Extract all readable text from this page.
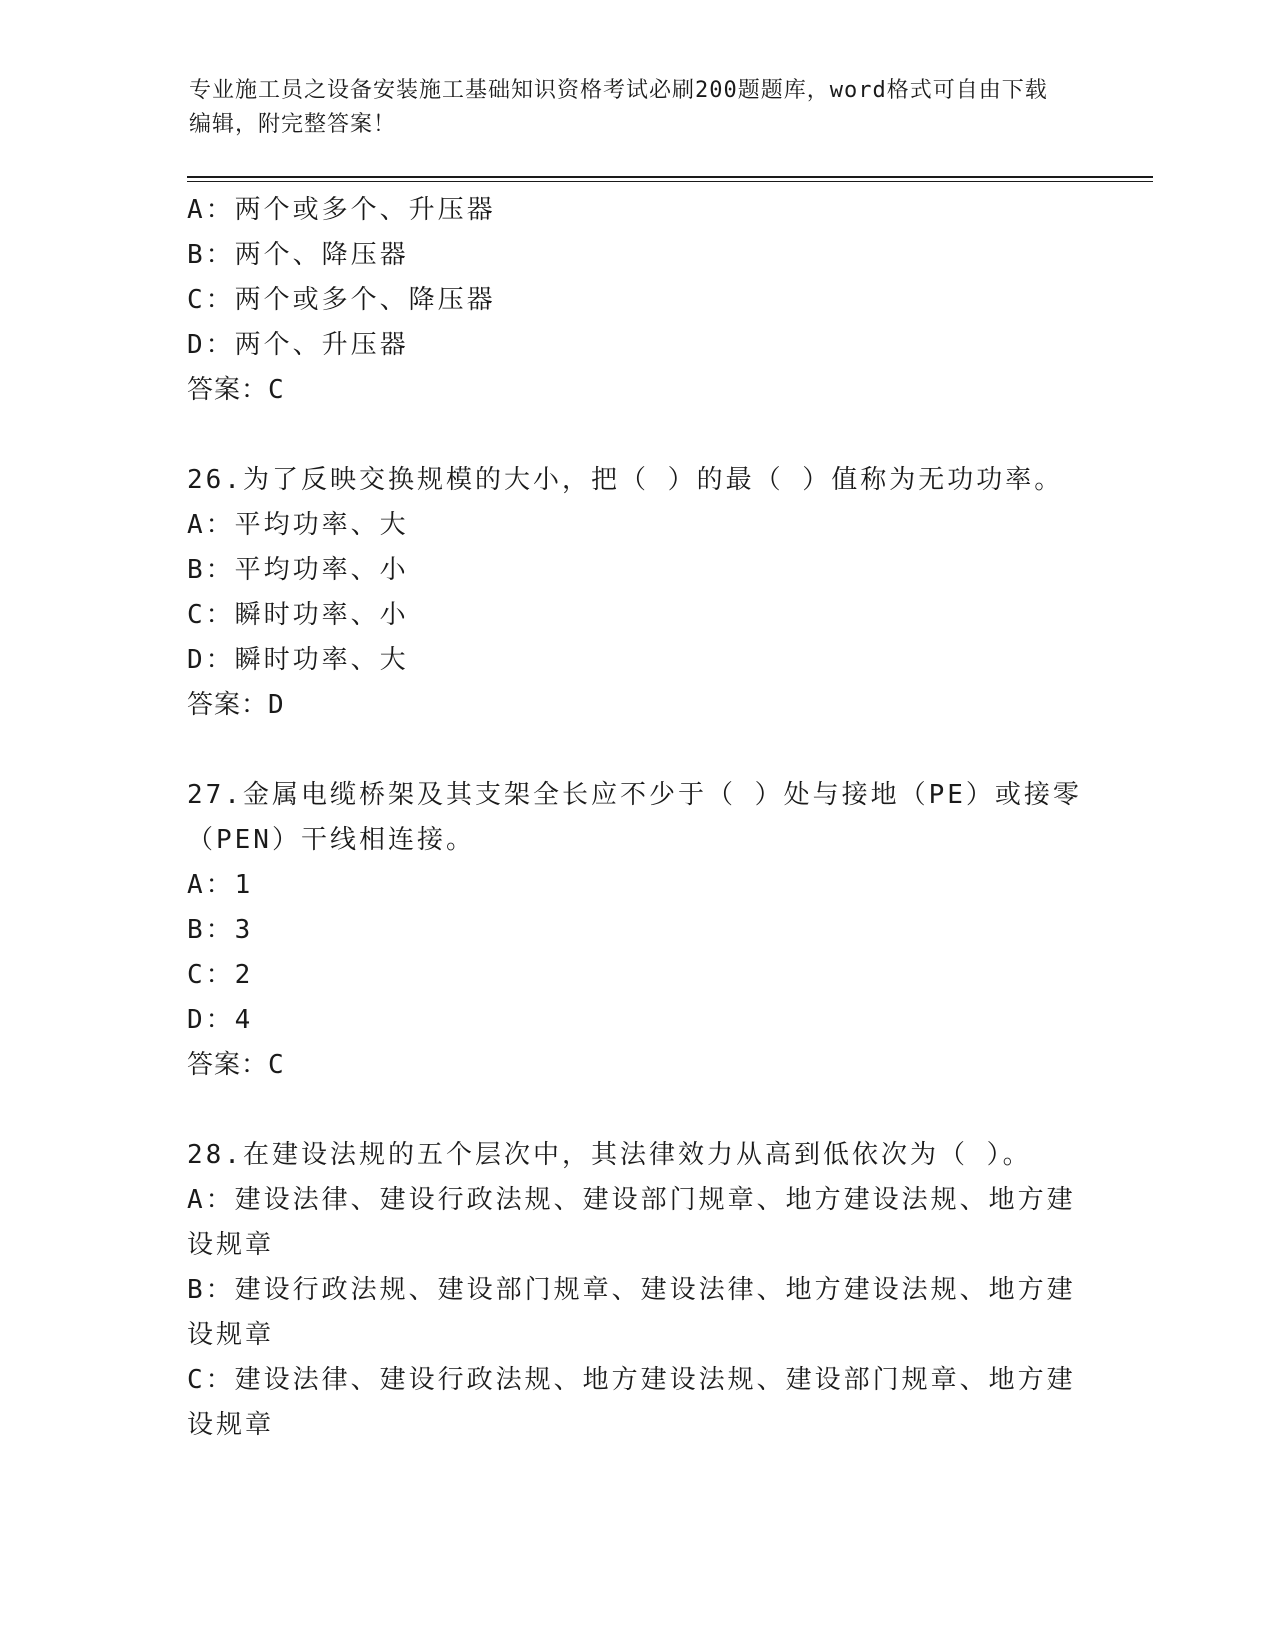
专业施工员之设备安装施工基础知识资格考试必刷200题题库，word格式可自由下载编辑，附完整答案！

A：两个或多个、升压器

B：两个、降压器

C：两个或多个、降压器

D：两个、升压器

答案：C

26.为了反映交换规模的大小，把（ ）的最（ ）值称为无功功率。

A：平均功率、大

B：平均功率、小

C：瞬时功率、小

D：瞬时功率、大

答案：D

27.金属电缆桥架及其支架全长应不少于（ ）处与接地（PE）或接零（PEN）干线相连接。

A：1

B：3

C：2

D：4

答案：C

28.在建设法规的五个层次中，其法律效力从高到低依次为（ ）。

A：建设法律、建设行政法规、建设部门规章、地方建设法规、地方建设规章

B：建设行政法规、建设部门规章、建设法律、地方建设法规、地方建设规章

C：建设法律、建设行政法规、地方建设法规、建设部门规章、地方建设规章
